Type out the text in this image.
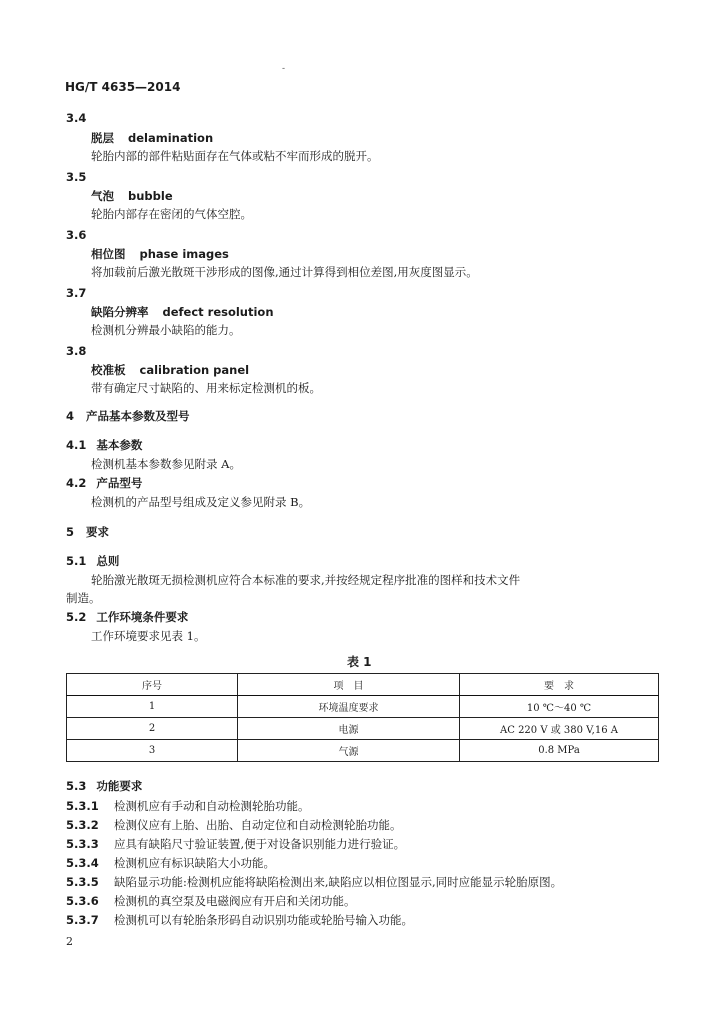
-
HG/T 4635—2014
3.4
脱层 delamination
轮胎内部的部件粘贴面存在气体或粘不牢而形成的脱开。
3.5
气泡 bubble
轮胎内部存在密闭的气体空腔。
3.6
相位图 phase images
将加载前后激光散斑干涉形成的图像,通过计算得到相位差图,用灰度图显示。
3.7
缺陷分辨率 defect resolution
检测机分辨最小缺陷的能力。
3.8
校准板 calibration panel
带有确定尺寸缺陷的、用来标定检测机的板。
4 产品基本参数及型号
4.1 基本参数
检测机基本参数参见附录 A。
4.2 产品型号
检测机的产品型号组成及定义参见附录 B。
5 要求
5.1 总则
轮胎激光散斑无损检测机应符合本标准的要求,并按经规定程序批准的图样和技术文件
制造。
5.2 工作环境条件要求
工作环境要求见表 1。
表 1
序号	项　目	要　求
1	环境温度要求	10 ℃～40 ℃
2	电源	AC 220 V 或 380 V,16 A
3	气源	0.8 MPa
5.3 功能要求
5.3.1 检测机应有手动和自动检测轮胎功能。
5.3.2 检测仪应有上胎、出胎、自动定位和自动检测轮胎功能。
5.3.3 应具有缺陷尺寸验证装置,便于对设备识别能力进行验证。
5.3.4 检测机应有标识缺陷大小功能。
5.3.5 缺陷显示功能:检测机应能将缺陷检测出来,缺陷应以相位图显示,同时应能显示轮胎原图。
5.3.6 检测机的真空泵及电磁阀应有开启和关闭功能。
5.3.7 检测机可以有轮胎条形码自动识别功能或轮胎号输入功能。
2
